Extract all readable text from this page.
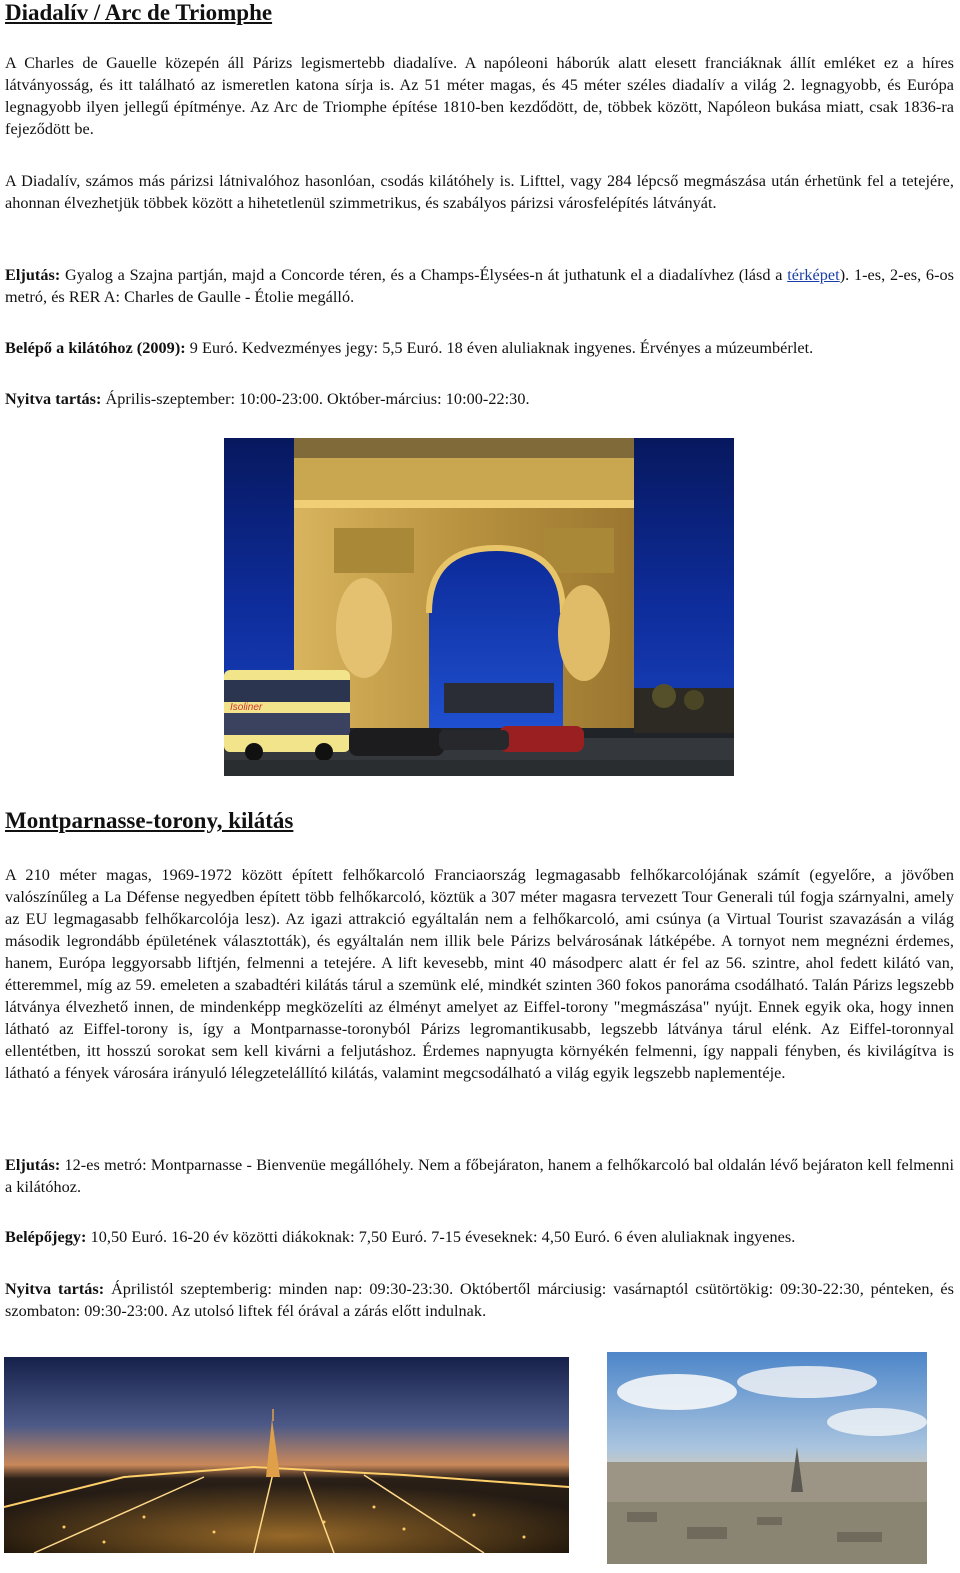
Diadalív / Arc de Triomphe

A Charles de Gauelle közepén áll Párizs legismertebb diadalíve. A napóleoni háborúk alatt elesett franciáknak állít emléket ez a híres látványosság, és itt található az ismeretlen katona sírja is. Az 51 méter magas, és 45 méter széles diadalív a világ 2. legnagyobb, és Európa legnagyobb ilyen jellegű építménye. Az Arc de Triomphe építése 1810-ben kezdődött, de, többek között, Napóleon bukása miatt, csak 1836-ra fejeződött be.

A Diadalív, számos más párizsi látnivalóhoz hasonlóan, csodás kilátóhely is. Lifttel, vagy 284 lépcső megmászása után érhetünk fel a tetejére, ahonnan élvezhetjük többek között a hihetetlenül szimmetrikus, és szabályos párizsi városfelépítés látványát.

Eljutás: Gyalog a Szajna partján, majd a Concorde téren, és a Champs-Élysées-n át juthatunk el a diadalívhez (lásd a térképet). 1-es, 2-es, 6-os metró, és RER A: Charles de Gaulle - Étolie megálló.

Belépő a kilátóhoz (2009): 9 Euró. Kedvezményes jegy: 5,5 Euró. 18 éven aluliaknak ingyenes. Érvényes a múzeumbérlet.

Nyitva tartás: Április-szeptember: 10:00-23:00. Október-március: 10:00-22:30.

Isoliner
Montparnasse-torony, kilátás

A 210 méter magas, 1969-1972 között épített felhőkarcoló Franciaország legmagasabb felhőkarcolójának számít (egyelőre, a jövőben valószínűleg a La Défense negyedben épített több felhőkarcoló, köztük a 307 méter magasra tervezett Tour Generali túl fogja szárnyalni, amely az EU legmagasabb felhőkarcolója lesz). Az igazi attrakció egyáltalán nem a felhőkarcoló, ami csúnya (a Virtual Tourist szavazásán a világ második legrondább épületének választották), és egyáltalán nem illik bele Párizs belvárosának látképébe. A tornyot nem megnézni érdemes, hanem, Európa leggyorsabb liftjén, felmenni a tetejére. A lift kevesebb, mint 40 másodperc alatt ér fel az 56. szintre, ahol fedett kilátó van, étteremmel, míg az 59. emeleten a szabadtéri kilátás tárul a szemünk elé, mindkét szinten 360 fokos panoráma csodálható. Talán Párizs legszebb látványa élvezhető innen, de mindenképp megközelíti az élményt amelyet az Eiffel-torony "megmászása" nyújt. Ennek egyik oka, hogy innen látható az Eiffel-torony is, így a Montparnasse-toronyból Párizs legromantikusabb, legszebb látványa tárul elénk. Az Eiffel-toronnyal ellentétben, itt hosszú sorokat sem kell kivárni a feljutáshoz. Érdemes napnyugta környékén felmenni, így nappali fényben, és kivilágítva is látható a fények városára irányuló lélegzetelállító kilátás, valamint megcsodálható a világ egyik legszebb naplementéje.

Eljutás: 12-es metró: Montparnasse - Bienvenüe megállóhely. Nem a főbejáraton, hanem a felhőkarcoló bal oldalán lévő bejáraton kell felmenni a kilátóhoz.

Belépőjegy: 10,50 Euró. 16-20 év közötti diákoknak: 7,50 Euró. 7-15 éveseknek: 4,50 Euró. 6 éven aluliaknak ingyenes.

Nyitva tartás: Áprilistól szeptemberig: minden nap: 09:30-23:30. Októbertől márciusig: vasárnaptól csütörtökig: 09:30-22:30, pénteken, és szombaton: 09:30-23:00. Az utolsó liftek fél órával a zárás előtt indulnak.
